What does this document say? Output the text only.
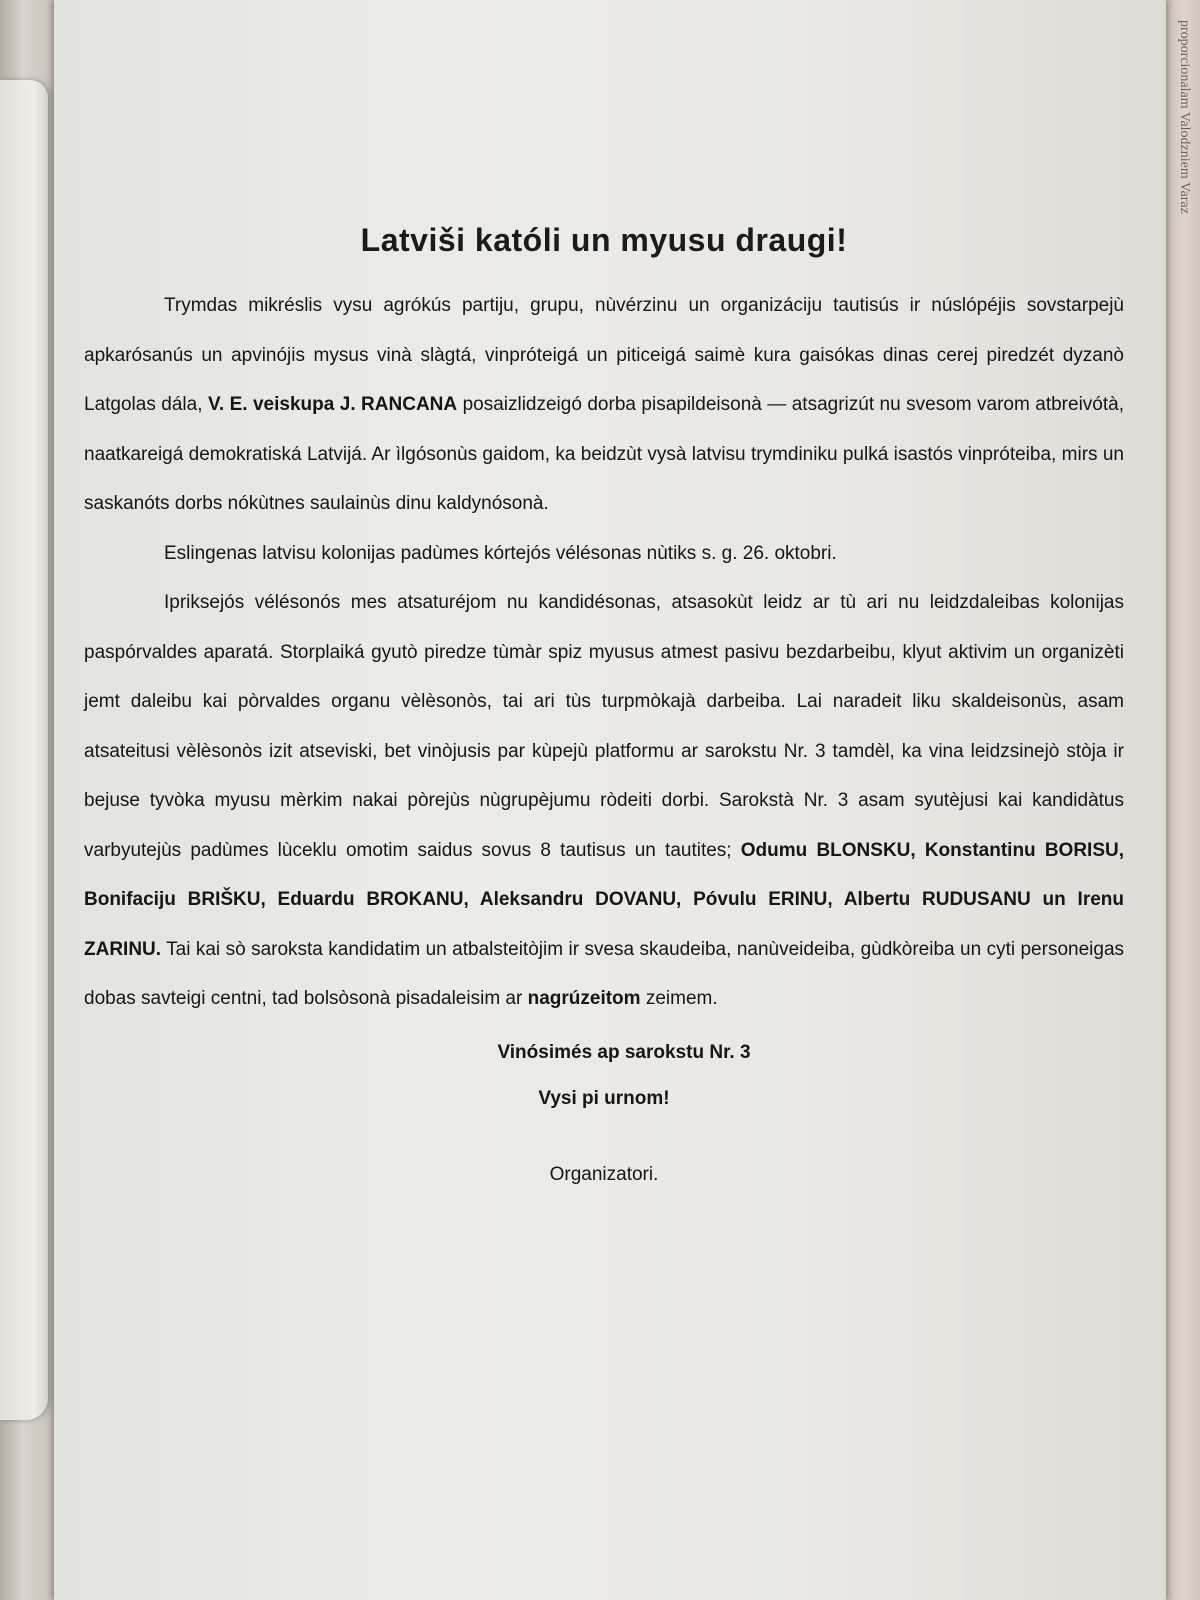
proporcionalam Valodzniem Varaz
Latviši katóli un myusu draugi!

Trymdas mikréslis vysu agrókús partiju, grupu, nùvérzinu un organizáciju tautisús ir núslópéjis sovstarpejù apkarósanús un apvinójis mysus vinà slàgtá, vinpróteigá un piticeigá saimè kura gaisókas dinas cerej piredzét dyzanò Latgolas dála, V. E. veiskupa J. RANCANA posaizlidzeigó dorba pisapildeisonà — atsagrizút nu svesom varom atbreivótà, naatkareigá demokratiská Latvijá. Ar ìlgósonùs gaidom, ka beidzùt vysà latvisu trymdiniku pulká isastós vinpróteiba, mirs un saskanóts dorbs nókùtnes saulainùs dinu kaldynósonà.

Eslingenas latvisu kolonijas padùmes kórtejós vélésonas nùtiks s. g. 26. oktobri.

Ipriksejós vélésonós mes atsaturéjom nu kandidésonas, atsasokùt leidz ar tù ari nu leidzdaleibas kolonijas paspórvaldes aparatá. Storplaiká gyutò piredze tùmàr spiz myusus atmest pasivu bezdarbeibu, klyut aktivim un organizèti jemt daleibu kai pòrvaldes organu vèlèsonòs, tai ari tùs turpmòkajà darbeiba. Lai naradeit liku skaldeisonùs, asam atsateitusi vèlèsonòs izit atseviski, bet vinòjusis par kùpejù platformu ar sarokstu Nr. 3 tamdèl, ka vina leidzsinejò stòja ir bejuse tyvòka myusu mèrkim nakai pòrejùs nùgrupèjumu ròdeiti dorbi. Sarokstà Nr. 3 asam syutèjusi kai kandidàtus varbyutejùs padùmes lùceklu omotim saidus sovus 8 tautisus un tautites; Odumu BLONSKU, Konstantinu BORISU, Bonifaciju BRIŠKU, Eduardu BROKANU, Aleksandru DOVANU, Póvulu ERINU, Albertu RUDUSANU un Irenu ZARINU. Tai kai sò saroksta kandidatim un atbalsteitòjim ir svesa skaudeiba, nanùveideiba, gùdkòreiba un cyti personeigas dobas savteigi centni, tad bolsòsonà pisadaleisim ar nagrúzeitom zeimem.

Vinósimés ap sarokstu Nr. 3
Vysi pi urnom!
Organizatori.
